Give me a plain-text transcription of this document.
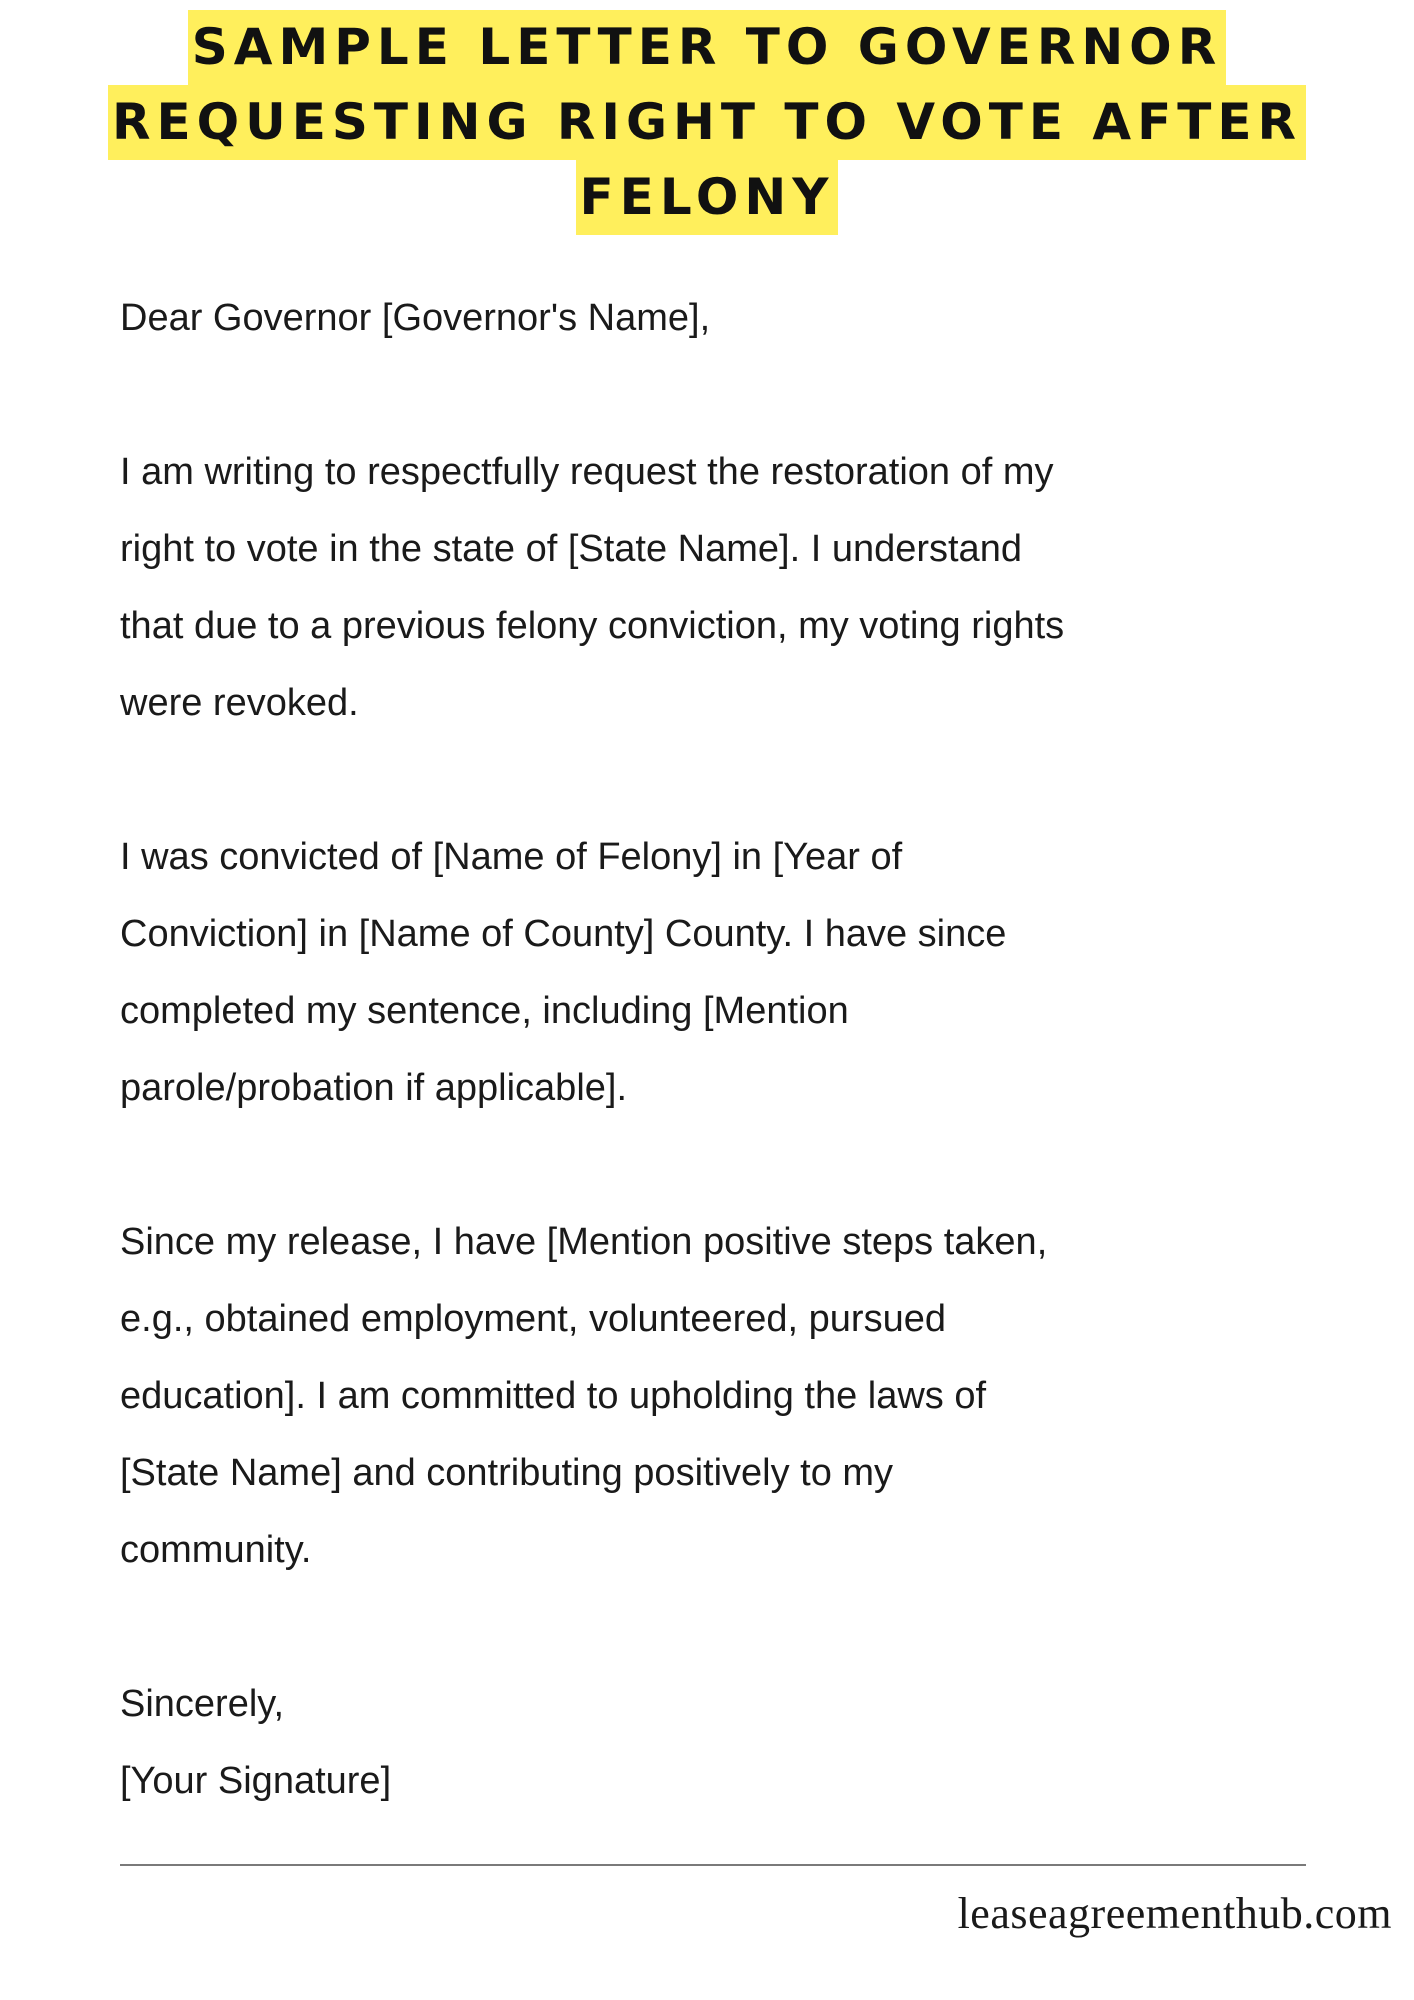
SAMPLE LETTER TO GOVERNOR
REQUESTING RIGHT TO VOTE AFTER
FELONY
Dear Governor [Governor's Name],
I am writing to respectfully request the restoration of my
right to vote in the state of [State Name]. I understand
that due to a previous felony conviction, my voting rights
were revoked.
I was convicted of [Name of Felony] in [Year of
Conviction] in [Name of County] County. I have since
completed my sentence, including [Mention
parole/probation if applicable].
Since my release, I have [Mention positive steps taken,
e.g., obtained employment, volunteered, pursued
education]. I am committed to upholding the laws of
[State Name] and contributing positively to my
community.
Sincerely,
[Your Signature]
leaseagreementhub.com
